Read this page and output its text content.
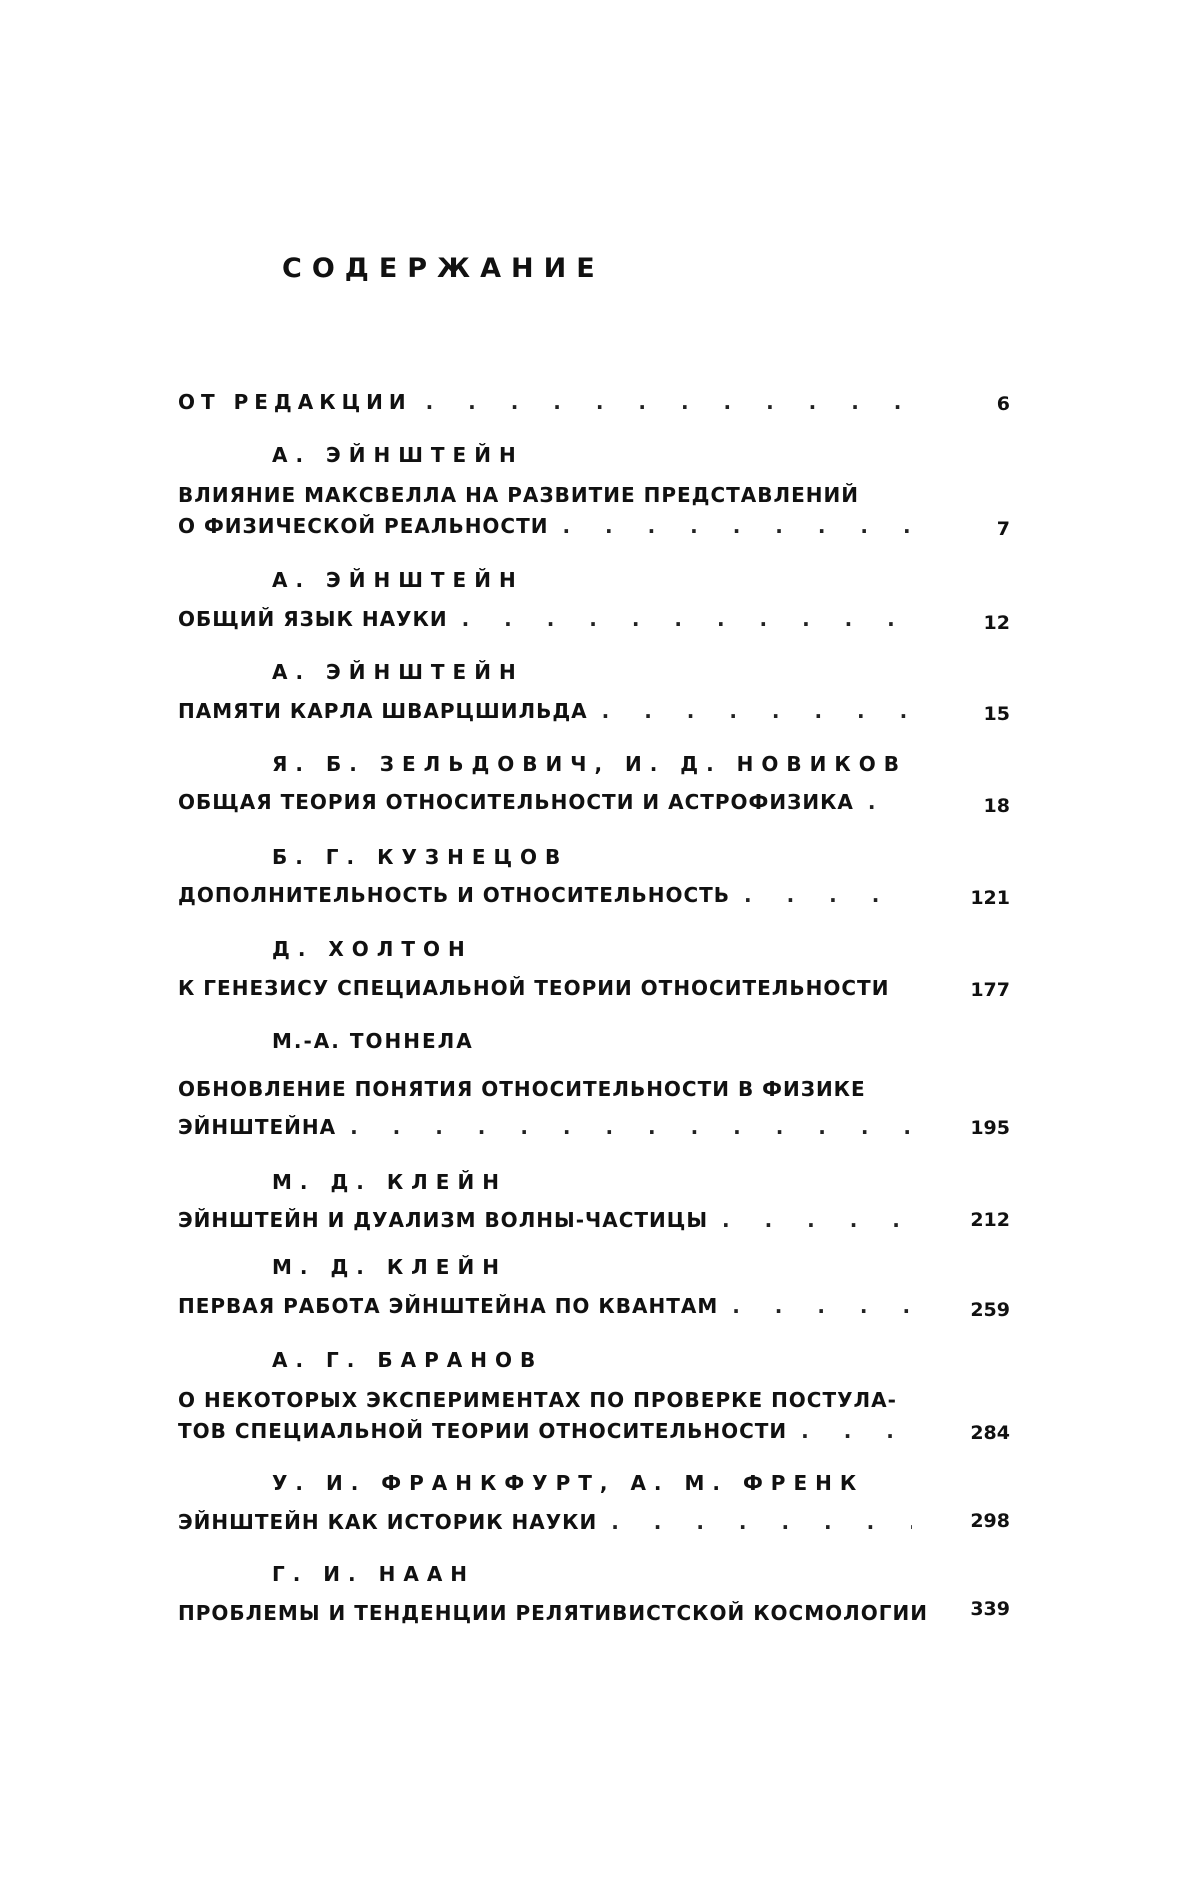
СОДЕРЖАНИЕ
ОТ РЕДАКЦИИ . . .	6
А. ЭЙНШТЕЙН
ВЛИЯНИЕ МАКСВЕЛЛА НА РАЗВИТИЕ ПРЕДСТАВЛЕНИЙ
О ФИЗИЧЕСКОЙ РЕАЛЬНОСТИ . . .	7
А. ЭЙНШТЕЙН
ОБЩИЙ ЯЗЫК НАУКИ . . .	12
А. ЭЙНШТЕЙН
ПАМЯТИ КАРЛА ШВАРЦШИЛЬДА . . .	15
Я. Б. ЗЕЛЬДОВИЧ, И. Д. НОВИКОВ
ОБЩАЯ ТЕОРИЯ ОТНОСИТЕЛЬНОСТИ И АСТРОФИЗИКА . . .	18
Б. Г. КУЗНЕЦОВ
ДОПОЛНИТЕЛЬНОСТЬ И ОТНОСИТЕЛЬНОСТЬ . . .	121
Д. ХОЛТОН
К ГЕНЕЗИСУ СПЕЦИАЛЬНОЙ ТЕОРИИ ОТНОСИТЕЛЬНОСТИ	177
М.-А. ТОННЕЛА
ОБНОВЛЕНИЕ ПОНЯТИЯ ОТНОСИТЕЛЬНОСТИ В ФИЗИКЕ
ЭЙНШТЕЙНА . . .	195
М. Д. КЛЕЙН
ЭЙНШТЕЙН И ДУАЛИЗМ ВОЛНЫ-ЧАСТИЦЫ . . .	212
М. Д. КЛЕЙН
ПЕРВАЯ РАБОТА ЭЙНШТЕЙНА ПО КВАНТАМ . . .	259
А. Г. БАРАНОВ
О НЕКОТОРЫХ ЭКСПЕРИМЕНТАХ ПО ПРОВЕРКЕ ПОСТУЛА-
ТОВ СПЕЦИАЛЬНОЙ ТЕОРИИ ОТНОСИТЕЛЬНОСТИ . . .	284
У. И. ФРАНКФУРТ, А. М. ФРЕНК
ЭЙНШТЕЙН КАК ИСТОРИК НАУКИ . . .	298
Г. И. НААН
ПРОБЛЕМЫ И ТЕНДЕНЦИИ РЕЛЯТИВИСТСКОЙ КОСМОЛОГИИ	339
